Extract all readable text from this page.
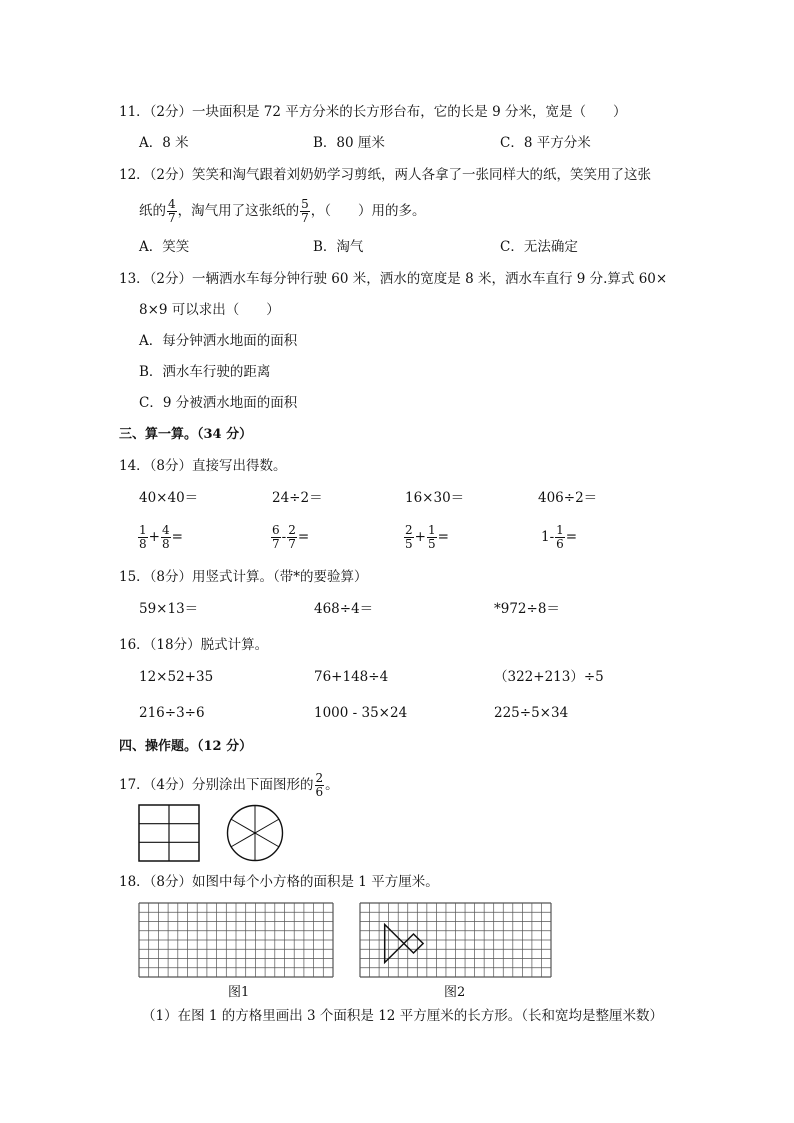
11．（2分）一块面积是 72 平方分米的长方形台布，它的长是 9 分米，宽是（　　）
A．8 米	B．80 厘米	C．8 平方分米
12．（2分）笑笑和淘气跟着刘奶奶学习剪纸，两人各拿了一张同样大的纸，笑笑用了这张
纸的 $\frac{4}{7}$ ，淘气用了这张纸的 $\frac{5}{7}$ ，（　　）用的多。
A．笑笑	B．淘气	C．无法确定
13．（2分）一辆洒水车每分钟行驶 60 米，洒水的宽度是 8 米，洒水车直行 9 分.算式 60×
8×9 可以求出（　　）
A．每分钟洒水地面的面积
B．洒水车行驶的距离
C．9 分被洒水地面的面积
三、算一算。（34 分）
14．（8分）直接写出得数。
40×40＝	24÷2＝	16×30＝	406÷2＝
$\frac{1}{8} + \frac{4}{8}$ =	$\frac{6}{7} - \frac{2}{7}$ =	$\frac{2}{5} + \frac{1}{5}$ =	$1- \frac{1}{6}$ =
15．（8分）用竖式计算。（带*的要验算）
59×13＝	468÷4＝	*972÷8＝
16．（18分）脱式计算。
12×52+35	76+148÷4	（322+213）÷5
216÷3÷6	1000 - 35×24	225÷5×34
四、操作题。（12 分）
17．（4分）分别涂出下面图形的 $\frac{2}{6}$ 。
18．（8分）如图中每个小方格的面积是 1 平方厘米。
图1	图2
（1）在图 1 的方格里画出 3 个面积是 12 平方厘米的长方形。（长和宽均是整厘米数）
